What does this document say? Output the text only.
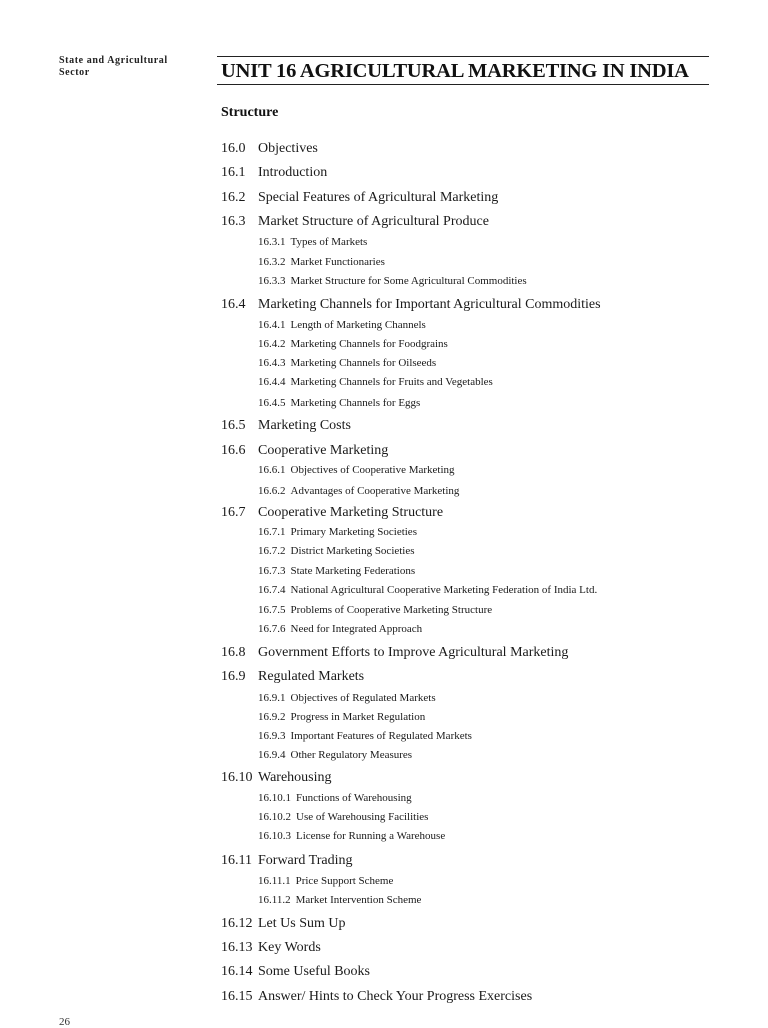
State and Agricultural
Sector	UNIT 16 AGRICULTURAL MARKETING IN INDIA
Structure
16.0 Objectives
16.1 Introduction
16.2 Special Features of Agricultural Marketing
16.3 Market Structure of Agricultural Produce
16.3.1 Types of Markets
16.3.2 Market Functionaries
16.3.3 Market Structure for Some Agricultural Commodities
16.4 Marketing Channels for Important Agricultural Commodities
16.4.1 Length of Marketing Channels
16.4.2 Marketing Channels for Foodgrains
16.4.3 Marketing Channels for Oilseeds
16.4.4 Marketing Channels for Fruits and Vegetables
16.4.5 Marketing Channels for Eggs
16.5 Marketing Costs
16.6 Cooperative Marketing
16.6.1 Objectives of Cooperative Marketing
16.6.2 Advantages of Cooperative Marketing
16.7 Cooperative Marketing Structure
16.7.1 Primary Marketing Societies
16.7.2 District Marketing Societies
16.7.3 State Marketing Federations
16.7.4 National Agricultural Cooperative Marketing Federation of India Ltd.
16.7.5 Problems of Cooperative Marketing Structure
16.7.6 Need for Integrated Approach
16.8 Government Efforts to Improve Agricultural Marketing
16.9 Regulated Markets
16.9.1 Objectives of Regulated Markets
16.9.2 Progress in Market Regulation
16.9.3 Important Features of Regulated Markets
16.9.4 Other Regulatory Measures
16.10 Warehousing
16.10.1 Functions of Warehousing
16.10.2 Use of Warehousing Facilities
16.10.3 License for Running a Warehouse
16.11 Forward Trading
16.11.1 Price Support Scheme
16.11.2 Market Intervention Scheme
16.12 Let Us Sum Up
16.13 Key Words
16.14 Some Useful Books
16.15 Answer/ Hints to Check Your Progress Exercises
26
